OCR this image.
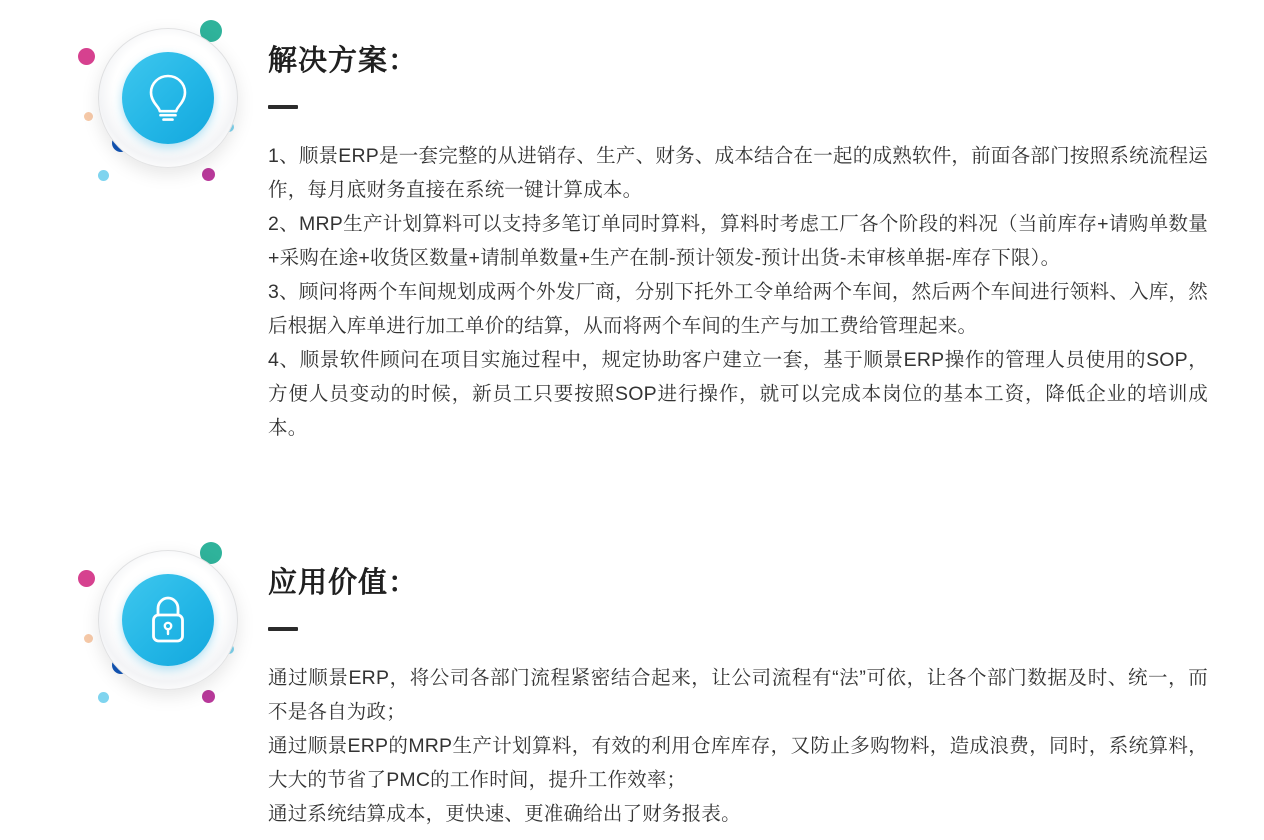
解决方案：

1、顺景ERP是一套完整的从进销存、生产、财务、成本结合在一起的成熟软件，前面各部门按照系统流程运作，每月底财务直接在系统一键计算成本。

2、MRP生产计划算料可以支持多笔订单同时算料，算料时考虑工厂各个阶段的料况（当前库存+请购单数量+采购在途+收货区数量+请制单数量+生产在制-预计领发-预计出货-未审核单据-库存下限）。

3、顾问将两个车间规划成两个外发厂商，分别下托外工令单给两个车间，然后两个车间进行领料、入库，然后根据入库单进行加工单价的结算，从而将两个车间的生产与加工费给管理起来。

4、顺景软件顾问在项目实施过程中，规定协助客户建立一套，基于顺景ERP操作的管理人员使用的SOP，方便人员变动的时候，新员工只要按照SOP进行操作，就可以完成本岗位的基本工资，降低企业的培训成本。

应用价值：

通过顺景ERP，将公司各部门流程紧密结合起来，让公司流程有“法”可依，让各个部门数据及时、统一，而不是各自为政；

通过顺景ERP的MRP生产计划算料，有效的利用仓库库存，又防止多购物料，造成浪费，同时，系统算料，大大的节省了PMC的工作时间，提升工作效率；

通过系统结算成本，更快速、更准确给出了财务报表。
